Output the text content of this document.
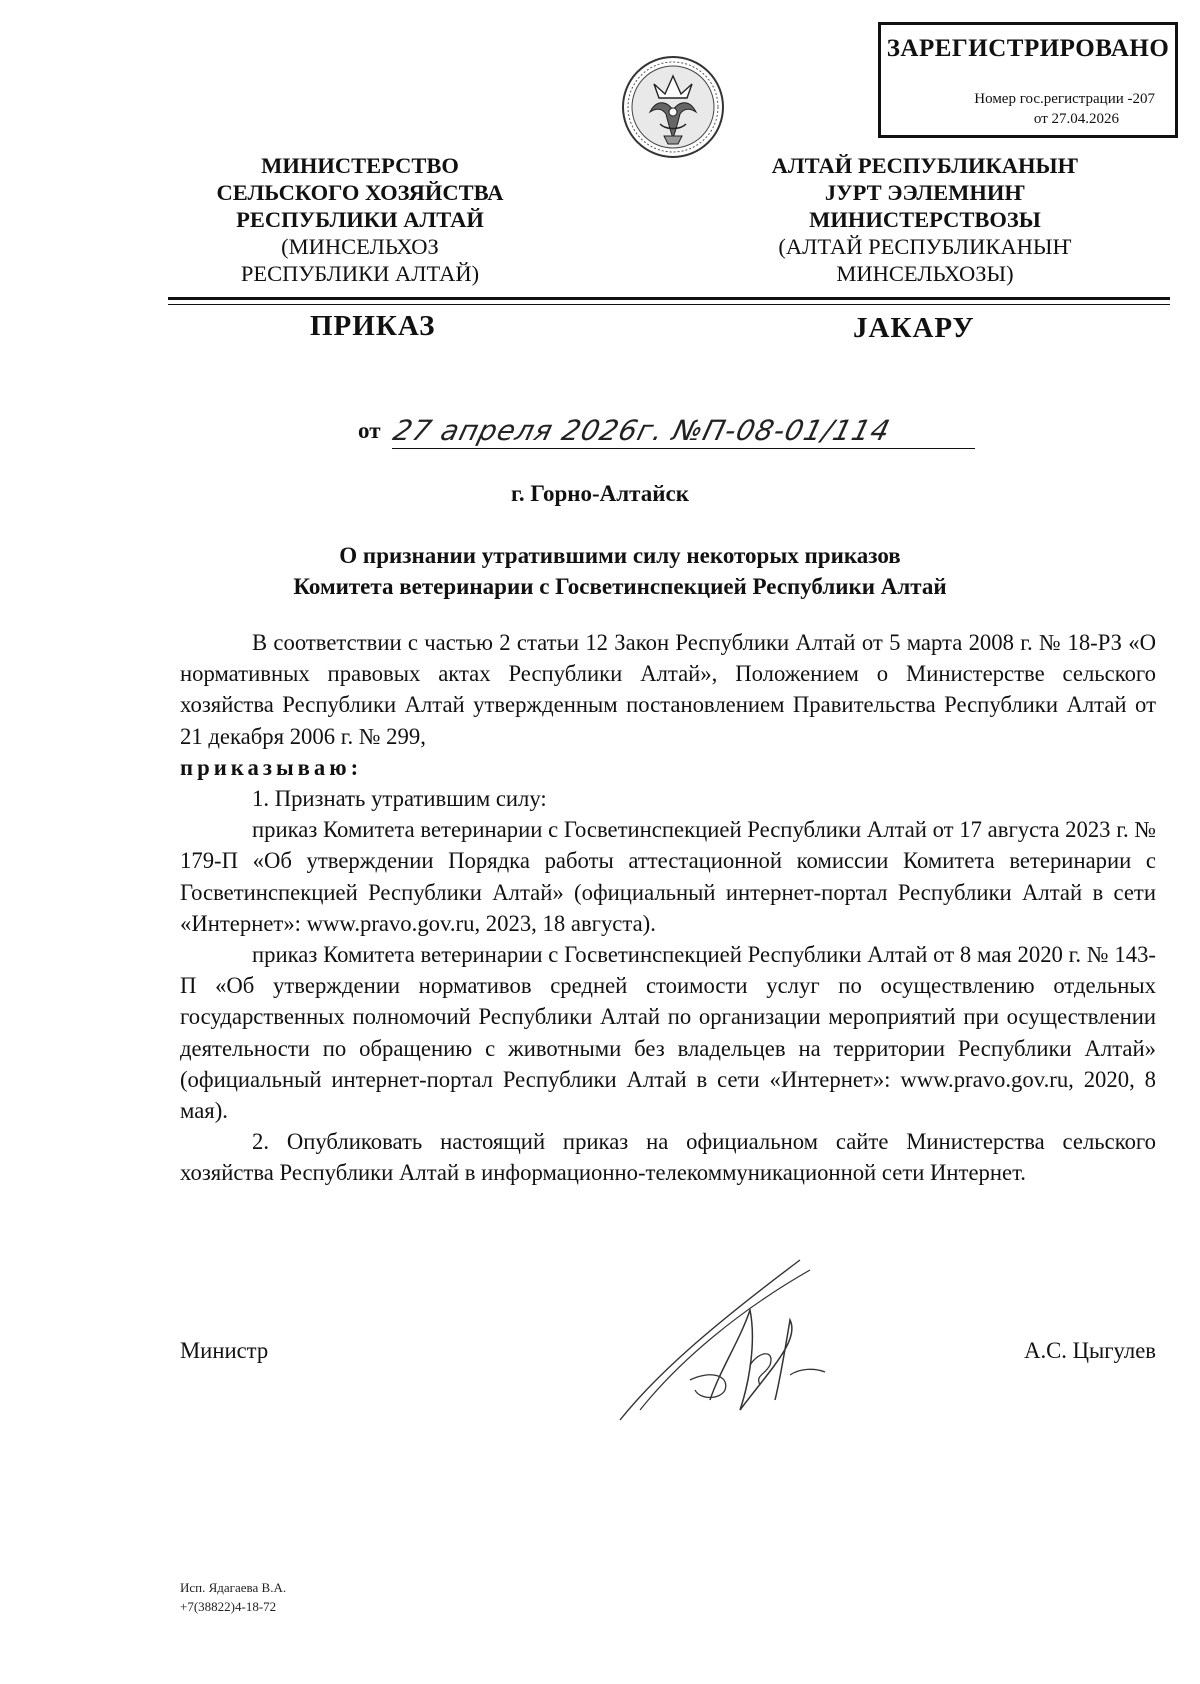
ЗАРЕГИСТРИРОВАНО
Номер гос.регистрации -207
от 27.04.2026
МИНИСТЕРСТВО
СЕЛЬСКОГО ХОЗЯЙСТВА
РЕСПУБЛИКИ АЛТАЙ
(МИНСЕЛЬХОЗ
РЕСПУБЛИКИ АЛТАЙ)
АЛТАЙ РЕСПУБЛИКАНЫҤ
ЈУРТ ЭЭЛЕМНИҤ
МИНИСТЕРСТВОЗЫ
(АЛТАЙ РЕСПУБЛИКАНЫҤ
МИНСЕЛЬХОЗЫ)
ПРИКАЗ	ЈАКАРУ
от 27 апреля 2026г. №П-08-01/114
г. Горно-Алтайск
О признании утратившими силу некоторых приказов
Комитета ветеринарии с Госветинспекцией Республики Алтай

В соответствии с частью 2 статьи 12 Закон Республики Алтай от 5 марта 2008 г. № 18-РЗ «О нормативных правовых актах Республики Алтай», Положением о Министерстве сельского хозяйства Республики Алтай утвержденным постановлением Правительства Республики Алтай от 21 декабря 2006 г. № 299,

приказываю:

1. Признать утратившим силу:

приказ Комитета ветеринарии с Госветинспекцией Республики Алтай от 17 августа 2023 г. № 179-П «Об утверждении Порядка работы аттестационной комиссии Комитета ветеринарии с Госветинспекцией Республики Алтай» (официальный интернет-портал Республики Алтай в сети «Интернет»: www.pravo.gov.ru, 2023, 18 августа).

приказ Комитета ветеринарии с Госветинспекцией Республики Алтай от 8 мая 2020 г. № 143-П «Об утверждении нормативов средней стоимости услуг по осуществлению отдельных государственных полномочий Республики Алтай по организации мероприятий при осуществлении деятельности по обращению с животными без владельцев на территории Республики Алтай» (официальный интернет-портал Республики Алтай в сети «Интернет»: www.pravo.gov.ru, 2020, 8 мая).

2. Опубликовать настоящий приказ на официальном сайте Министерства сельского хозяйства Республики Алтай в информационно-телекоммуникационной сети Интернет.

Министр	А.С. Цыгулев
Исп. Ядагаева В.А.
+7(38822)4-18-72
